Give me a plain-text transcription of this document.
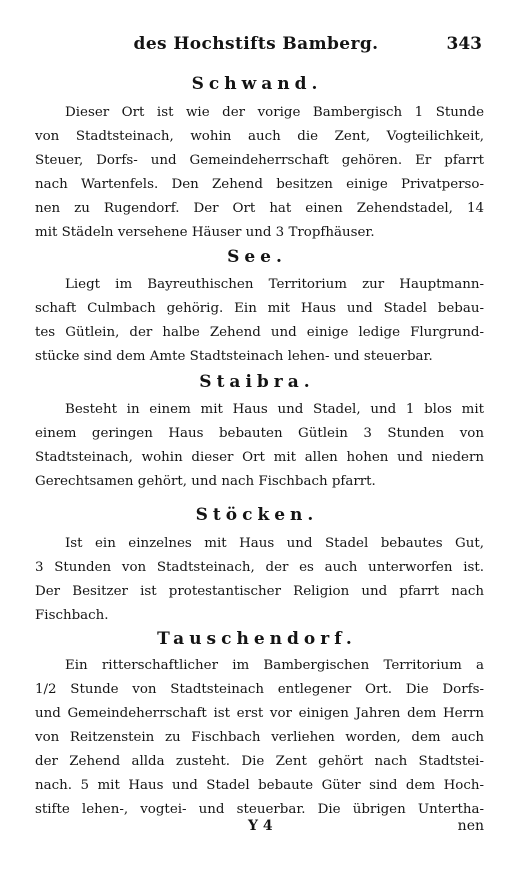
des Hochstifts Bamberg.	343
Schwand.
Dieser Ort ist wie der vorige Bambergisch 1 Stunde
von Stadtsteinach, wohin auch die Zent, Vogteilichkeit,
Steuer, Dorfs- und Gemeindeherrschaft gehören. Er pfarrt
nach Wartenfels. Den Zehend besitzen einige Privatperso-
nen zu Rugendorf. Der Ort hat einen Zehendstadel, 14
mit Städeln versehene Häuser und 3 Tropfhäuser.
See.
Liegt im Bayreuthischen Territorium zur Hauptmann-
schaft Culmbach gehörig. Ein mit Haus und Stadel bebau-
tes Gütlein, der halbe Zehend und einige ledige Flurgrund-
stücke sind dem Amte Stadtsteinach lehen- und steuerbar.
Staibra.
Besteht in einem mit Haus und Stadel, und 1 blos mit
einem geringen Haus bebauten Gütlein 3 Stunden von
Stadtsteinach, wohin dieser Ort mit allen hohen und niedern
Gerechtsamen gehört, und nach Fischbach pfarrt.
Stöcken.
Ist ein einzelnes mit Haus und Stadel bebautes Gut,
3 Stunden von Stadtsteinach, der es auch unterworfen ist.
Der Besitzer ist protestantischer Religion und pfarrt nach
Fischbach.
Tauschendorf.
Ein ritterschaftlicher im Bambergischen Territorium a
1/2 Stunde von Stadtsteinach entlegener Ort. Die Dorfs-
und Gemeindeherrschaft ist erst vor einigen Jahren dem Herrn
von Reitzenstein zu Fischbach verliehen worden, dem auch
der Zehend allda zusteht. Die Zent gehört nach Stadtstei-
nach. 5 mit Haus und Stadel bebaute Güter sind dem Hoch-
stifte lehen-, vogtei- und steuerbar. Die übrigen Untertha-
Y 4	nen
